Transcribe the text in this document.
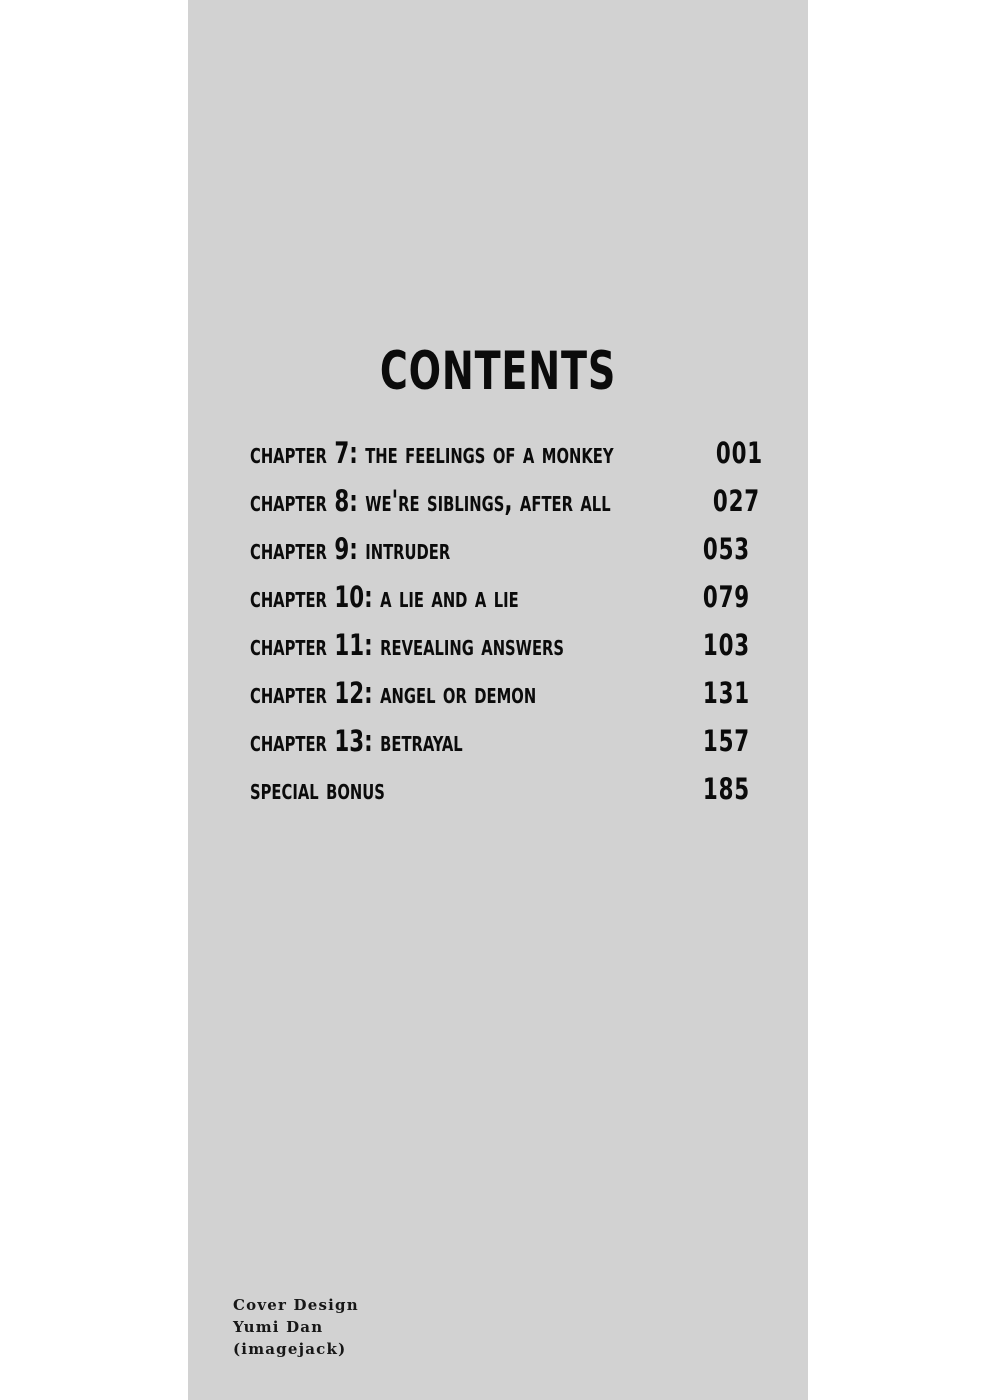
contents
chapter 7: the feelings of a monkey	001
chapter 8: we're siblings, after all	027
chapter 9: intruder	053
chapter 10: a lie and a lie	079
chapter 11: revealing answers	103
chapter 12: angel or demon	131
chapter 13: betrayal	157
special bonus	185
Cover Design
Yumi Dan
(imagejack)
